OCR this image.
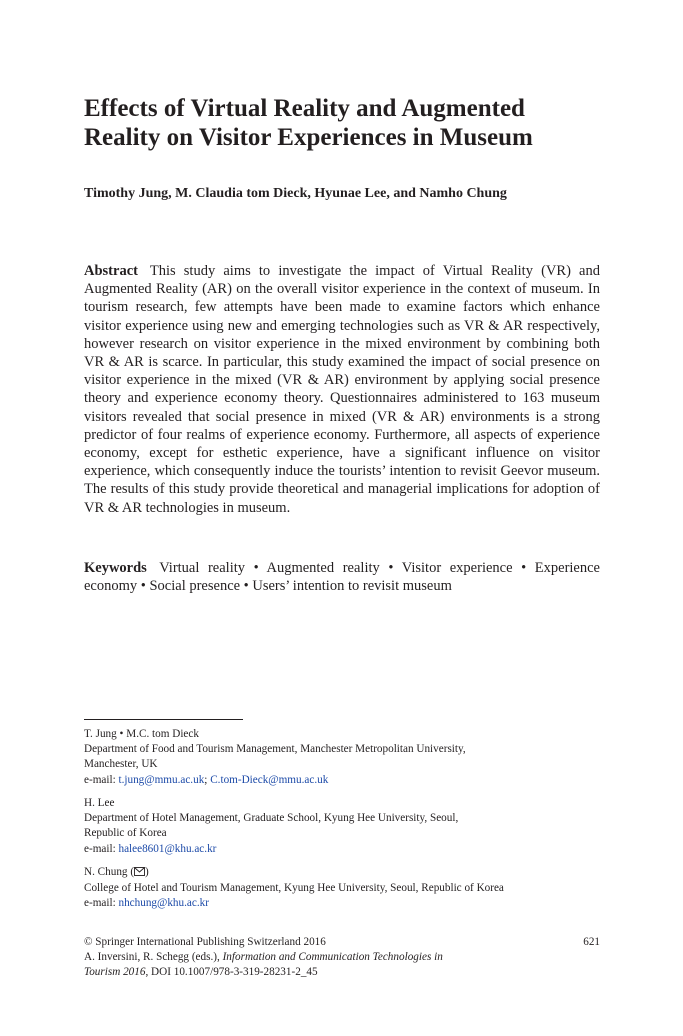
Effects of Virtual Reality and Augmented
Reality on Visitor Experiences in Museum
Timothy Jung, M. Claudia tom Dieck, Hyunae Lee, and Namho Chung

Abstract This study aims to investigate the impact of Virtual Reality (VR) and Augmented Reality (AR) on the overall visitor experience in the context of museum. In tourism research, few attempts have been made to examine factors which enhance visitor experience using new and emerging technologies such as VR & AR respectively, however research on visitor experience in the mixed environment by combining both VR & AR is scarce. In particular, this study examined the impact of social presence on visitor experience in the mixed (VR & AR) environment by applying social presence theory and experience economy theory. Questionnaires administered to 163 museum visitors revealed that social presence in mixed (VR & AR) environments is a strong predictor of four realms of experience economy. Furthermore, all aspects of experience economy, except for esthetic experience, have a significant influence on visitor experience, which consequently induce the tourists’ intention to revisit Geevor museum. The results of this study provide theoretical and managerial implications for adoption of VR & AR technologies in museum.

Keywords Virtual reality • Augmented reality • Visitor experience • Experience economy • Social presence • Users’ intention to revisit museum

T. Jung • M.C. tom Dieck
Department of Food and Tourism Management, Manchester Metropolitan University,
Manchester, UK
e-mail: t.jung@mmu.ac.uk; C.tom-Dieck@mmu.ac.uk
H. Lee
Department of Hotel Management, Graduate School, Kyung Hee University, Seoul,
Republic of Korea
e-mail: halee8601@khu.ac.kr
N. Chung ( )
College of Hotel and Tourism Management, Kyung Hee University, Seoul, Republic of Korea
e-mail: nhchung@khu.ac.kr
© Springer International Publishing Switzerland 2016	621
A. Inversini, R. Schegg (eds.), Information and Communication Technologies in
Tourism 2016, DOI 10.1007/978-3-319-28231-2_45
